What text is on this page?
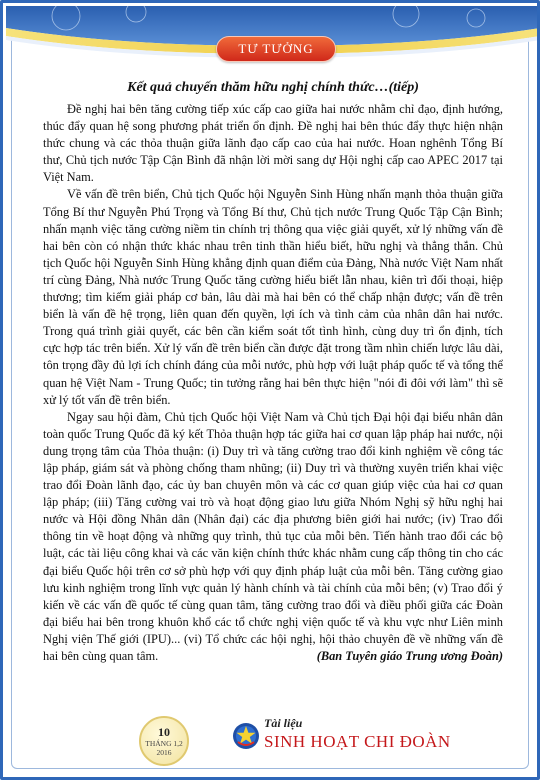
TƯ TƯỞNG
Kết quả chuyến thăm hữu nghị chính thức…(tiếp)

Đề nghị hai bên tăng cường tiếp xúc cấp cao giữa hai nước nhằm chỉ đạo, định hướng, thúc đẩy quan hệ song phương phát triển ổn định. Đề nghị hai bên thúc đẩy thực hiện nhận thức chung và các thỏa thuận giữa lãnh đạo cấp cao của hai nước. Hoan nghênh Tổng Bí thư, Chủ tịch nước Tập Cận Bình đã nhận lời mời sang dự Hội nghị cấp cao APEC 2017 tại Việt Nam.

Về vấn đề trên biển, Chủ tịch Quốc hội Nguyễn Sinh Hùng nhấn mạnh thỏa thuận giữa Tổng Bí thư Nguyễn Phú Trọng và Tổng Bí thư, Chủ tịch nước Trung Quốc Tập Cận Bình; nhấn mạnh việc tăng cường niềm tin chính trị thông qua việc giải quyết, xử lý những vấn đề hai bên còn có nhận thức khác nhau trên tinh thần hiểu biết, hữu nghị và thẳng thắn. Chủ tịch Quốc hội Nguyễn Sinh Hùng khẳng định quan điểm của Đảng, Nhà nước Việt Nam nhất trí cùng Đảng, Nhà nước Trung Quốc tăng cường hiểu biết lẫn nhau, kiên trì đối thoại, hiệp thương; tìm kiếm giải pháp cơ bản, lâu dài mà hai bên có thể chấp nhận được; vấn đề trên biển là vấn đề hệ trọng, liên quan đến quyền, lợi ích và tình cảm của nhân dân hai nước. Trong quá trình giải quyết, các bên cần kiểm soát tốt tình hình, cùng duy trì ổn định, tích cực hợp tác trên biển. Xử lý vấn đề trên biển cần được đặt trong tầm nhìn chiến lược lâu dài, tôn trọng đầy đủ lợi ích chính đáng của mỗi nước, phù hợp với luật pháp quốc tế và tổng thể quan hệ Việt Nam - Trung Quốc; tin tưởng rằng hai bên thực hiện "nói đi đôi với làm" thì sẽ xử lý tốt vấn đề trên biển.

Ngay sau hội đàm, Chủ tịch Quốc hội Việt Nam và Chủ tịch Đại hội đại biểu nhân dân toàn quốc Trung Quốc đã ký kết Thỏa thuận hợp tác giữa hai cơ quan lập pháp hai nước, nội dung trọng tâm của Thỏa thuận: (i) Duy trì và tăng cường trao đổi kinh nghiệm về công tác lập pháp, giám sát và phòng chống tham nhũng; (ii) Duy trì và thường xuyên triển khai việc trao đổi Đoàn lãnh đạo, các ủy ban chuyên môn và các cơ quan giúp việc của hai cơ quan lập pháp; (iii) Tăng cường vai trò và hoạt động giao lưu giữa Nhóm Nghị sỹ hữu nghị hai nước và Hội đồng Nhân dân (Nhân đại) các địa phương biên giới hai nước; (iv) Trao đổi thông tin về hoạt động và những quy trình, thủ tục của mỗi bên. Tiến hành trao đổi các bộ luật, các tài liệu công khai và các văn kiện chính thức khác nhằm cung cấp thông tin cho các đại biểu Quốc hội trên cơ sở phù hợp với quy định pháp luật của mỗi bên. Tăng cường giao lưu kinh nghiệm trong lĩnh vực quản lý hành chính và tài chính của mỗi bên; (v) Trao đổi ý kiến về các vấn đề quốc tế cùng quan tâm, tăng cường trao đổi và điều phối giữa các Đoàn đại biểu hai bên trong khuôn khổ các tổ chức nghị viện quốc tế và khu vực như Liên minh Nghị viện Thế giới (IPU)... (vi) Tổ chức các hội nghị, hội thảo chuyên đề về những vấn đề hai bên cùng quan tâm.	(Ban Tuyên giáo Trung ương Đoàn)

10
THÁNG 1,2
2016
Tài liệu
SINH HOẠT CHI ĐOÀN
